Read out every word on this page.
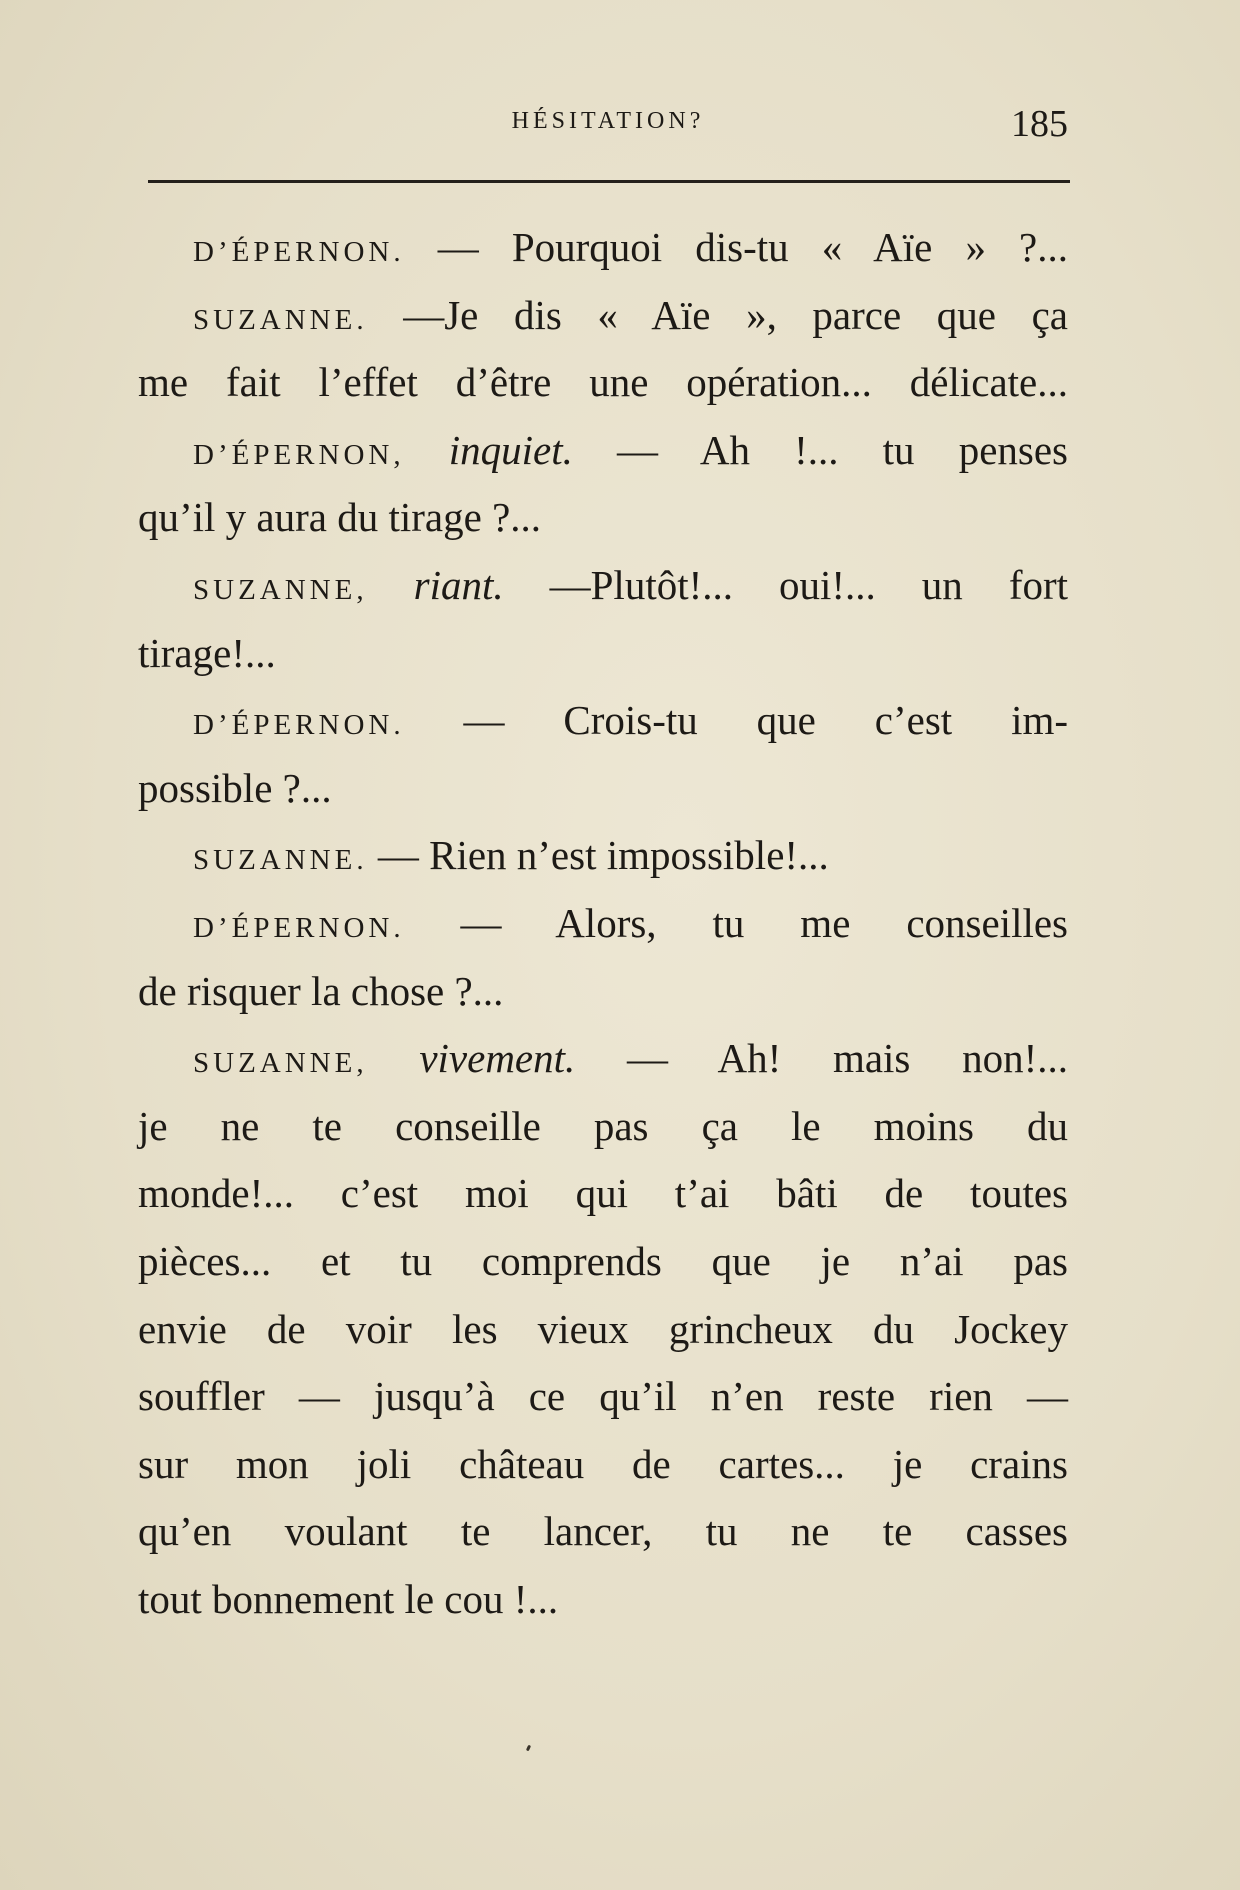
HÉSITATION?	185
D’ÉPERNON. — Pourquoi dis-tu « Aïe » ?...
SUZANNE. —Je dis « Aïe », parce que ça
me fait l’effet d’être une opération... délicate...
D’ÉPERNON, inquiet. — Ah !... tu penses
qu’il y aura du tirage ?...
SUZANNE, riant. —Plutôt!... oui!... un fort
tirage!...
D’ÉPERNON. — Crois-tu que c’est im-
possible ?...
SUZANNE. — Rien n’est impossible!...
D’ÉPERNON. — Alors, tu me conseilles
de risquer la chose ?...
SUZANNE, vivement. — Ah! mais non!...
je ne te conseille pas ça le moins du
monde!... c’est moi qui t’ai bâti de toutes
pièces... et tu comprends que je n’ai pas
envie de voir les vieux grincheux du Jockey
souffler — jusqu’à ce qu’il n’en reste rien —
sur mon joli château de cartes... je crains
qu’en voulant te lancer, tu ne te casses
tout bonnement le cou !...
